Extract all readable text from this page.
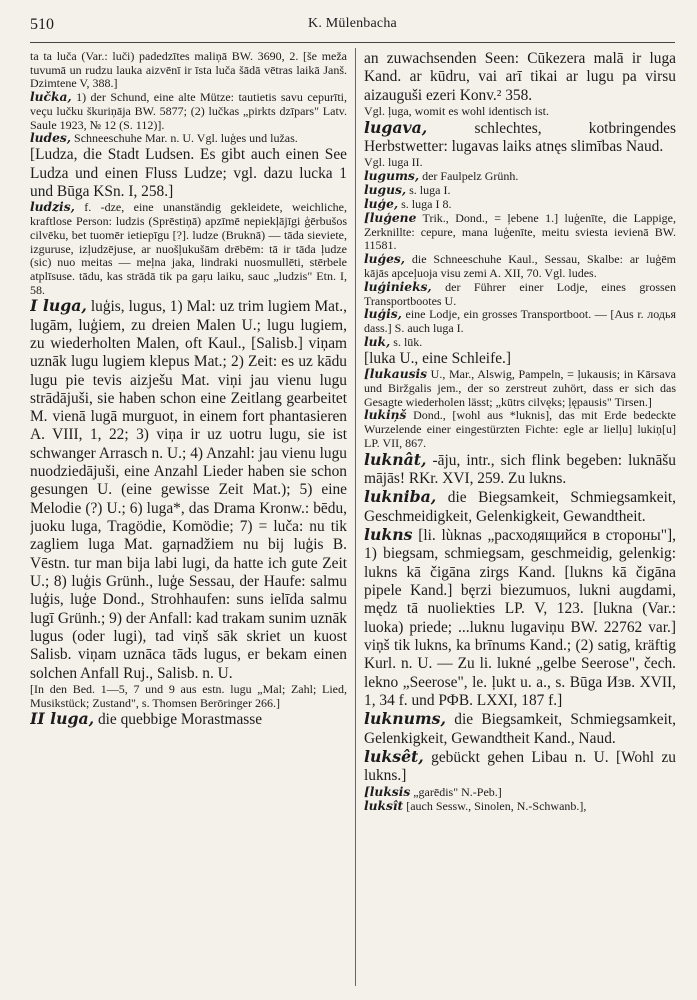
510	K. Mülenbacha

ta ta luča (Var.: luči) padedzītes maliņā BW. 3690, 2. [še meža tuvumā un rudzu lauka aizvēnī ir īsta luča šādā vētras laikā Janš. Dzimtene V, 388.]

lučka, 1) der Schund, eine alte Mütze: tautietis savu cepurīti, veçu lučku škuriņāja BW. 5877; (2) lučkas „pirkts dzīpars" Latv. Saule 1923, № 12 (S. 112)].

ludes, Schneeschuhe Mar. n. U. Vgl. luģes und lužas.

[Ludza, die Stadt Ludsen. Es gibt auch einen See Ludza und einen Fluss Ludze; vgl. dazu lucka 1 und Būga KSn. I, 258.]

ludzis, f. -dze, eine unanständig gekleidete, weichliche, kraftlose Person: ludzis (Sprēstiņā) apzīmē nepiekļājīgi ģērbušos cilvēku, bet tuomēr ietiepīgu [?]. ludze (Bruknā) — tāda sieviete, izguruse, izļudzējuse, ar nuošļukušām drēbēm: tā ir tāda ļudze (sic) nuo meitas — meļna jaka, lindraki nuosmullēti, stērbele atplīsuse. tādu, kas strādā tik pa gaŗu laiku, sauc „ludzis" Etn. I, 58.

I luga, luģis, lugus, 1) Mal: uz trim lugiem Mat., lugām, luģiem, zu dreien Malen U.; lugu lugiem, zu wiederholten Malen, oft Kaul., [Salisb.] viņam uznāk lugu lugiem klepus Mat.; 2) Zeit: es uz kādu lugu pie tevis aizješu Mat. viņi jau vienu lugu strādājuši, sie haben schon eine Zeitlang gearbeitet M. vienā lugā murguot, in einem fort phantasieren A. VIII, 1, 22; 3) viņa ir uz uotru lugu, sie ist schwanger Arrasch n. U.; 4) Anzahl: jau vienu lugu nuodziedājuši, eine Anzahl Lieder haben sie schon gesungen U. (eine gewisse Zeit Mat.); 5) eine Melodie (?) U.; 6) luga*, das Drama Kronw.: bēdu, juoku luga, Tragödie, Komödie; 7) = luča: nu tik zagliem luga Mat. gaŗnadžiem nu bij luģis B. Vēstn. tur man bija labi lugi, da hatte ich gute Zeit U.; 8) luģis Grünh., luģe Sessau, der Haufe: salmu luģis, luģe Dond., Strohhaufen: suns ielīda salmu lugī Grünh.; 9) der Anfall: kad trakam sunim uznāk lugus (oder lugi), tad viņš sāk skriet un kuost Salisb. viņam uznāca tāds lugus, er bekam einen solchen Anfall Ruj., Salisb. n. U.

[In den Bed. 1—5, 7 und 9 aus estn. lugu „Mal; Zahl; Lied, Musikstück; Zustand", s. Thomsen Berōringer 266.]

II luga, die quebbige Morastmasse

an zuwachsenden Seen: Cūkezera malā ir luga Kand. ar kūdru, vai arī tikai ar lugu pa virsu aizauguši ezeri Konv.² 358.

Vgl. ļuga, womit es wohl identisch ist.

lugava, schlechtes, kotbringendes Herbstwetter: lugavas laiks atnęs slimības Naud.

Vgl. luga II.

lugums, der Faulpelz Grünh.

lugus, s. luga I.

luģe, s. luga I 8.

[luģene Trik., Dond., = ļebene 1.] luģenīte, die Lappige, Zerknillte: cepure, mana luģenīte, meitu sviesta ievienā BW. 11581.

luģes, die Schneeschuhe Kaul., Sessau, Skalbe: ar luģēm kājās apceļuoja visu zemi A. XII, 70. Vgl. ludes.

luģinieks, der Führer einer Lodje, eines grossen Transportbootes U.

luģis, eine Lodje, ein grosses Transportboot. — [Aus r. лодья dass.] S. auch luga I.

luk, s. lūk.

[luka U., eine Schleife.]

[lukausis U., Mar., Alswig, Pampeln, = ļukausis; in Kārsava und Biržgalis jem., der so zerstreut zuhört, dass er sich das Gesagte wiederholen lässt; „kūtrs cilvęks; ļępausis" Tirsen.]

lukiņš Dond., [wohl aus *luknis], das mit Erde bedeckte Wurzelende einer eingestürzten Fichte: egle ar lielļu] lukiņ[u] LP. VII, 867.

luknât, -āju, intr., sich flink begeben: luknāšu mājās! RKr. XVI, 259. Zu lukns.

lukniba, die Biegsamkeit, Schmiegsamkeit, Geschmeidigkeit, Gelenkigkeit, Gewandtheit.

lukns [li. lùknas „расходящийся в стороны"], 1) biegsam, schmiegsam, geschmeidig, gelenkig: lukns kā čigāna zirgs Kand. [lukns kā čigāna pipele Kand.] bęrzi biezumuos, lukni augdami, mędz tā nuoliekties LP. V, 123. [lukna (Var.: luoka) priede; ...luknu lugaviņu BW. 22762 var.] viņš tik lukns, ka brīnums Kand.; (2) satig, kräftig Kurl. n. U. — Zu li. lukné „gelbe Seerose", čech. lekno „Seerose", le. ļukt u. a., s. Būga Изв. XVII, 1, 34 f. und РФВ. LXXI, 187 f.]

luknums, die Biegsamkeit, Schmiegsamkeit, Gelenkigkeit, Gewandtheit Kand., Naud.

luksêt, gebückt gehen Libau n. U. [Wohl zu lukns.]

[luksis „garēdis" N.-Peb.]

luksît [auch Sessw., Sinolen, N.-Schwanb.],
